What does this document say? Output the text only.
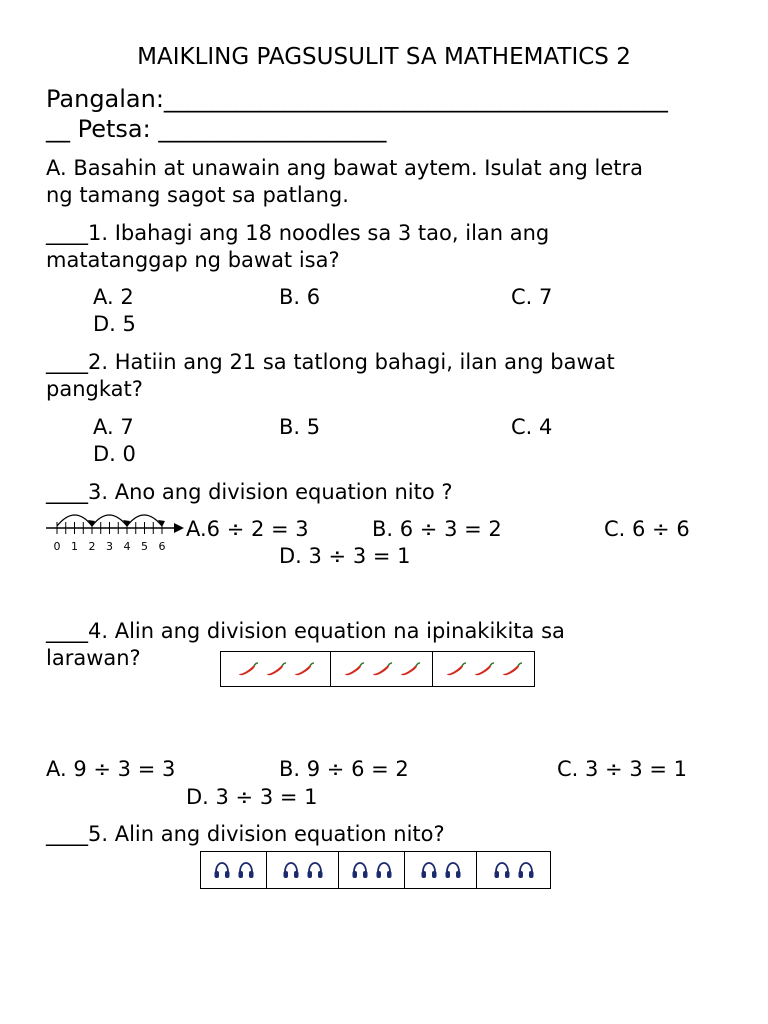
MAIKLING PAGSUSULIT SA MATHEMATICS 2
Pangalan:__________________________________________
__ Petsa: ___________________
A. Basahin at unawain ang bawat aytem. Isulat ang letra
ng tamang sagot sa patlang.
____1. Ibahagi ang 18 noodles sa 3 tao, ilan ang
matatanggap ng bawat isa?
A. 2	B. 6	C. 7
D. 5
____2. Hatiin ang 21 sa tatlong bahagi, ilan ang bawat
pangkat?
A. 7	B. 5	C. 4
D. 0
____3. Ano ang division equation nito ?
0 1 2 3 4 5 6
A.6 ÷ 2 = 3	B. 6 ÷ 3 = 2	C. 6 ÷ 6
D. 3 ÷ 3 = 1
____4. Alin ang division equation na ipinakikita sa
larawan?
A. 9 ÷ 3 = 3	B. 9 ÷ 6 = 2	C. 3 ÷ 3 = 1
D. 3 ÷ 3 = 1
____5. Alin ang division equation nito?
